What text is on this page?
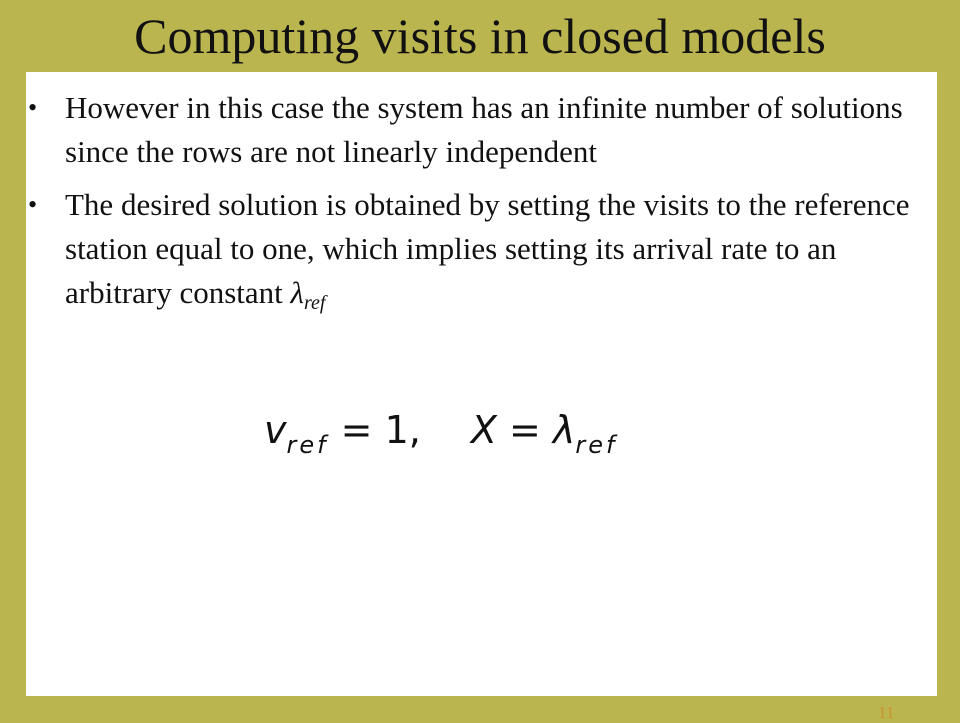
Computing visits in closed models
• However in this case the system has an infinite number of solutions since the rows are not linearly independent
• The desired solution is obtained by setting the visits to the reference station equal to one, which implies setting its arrival rate to an arbitrary constant λref
$v_{ref} = 1$, $X = \lambda_{ref}$
11
